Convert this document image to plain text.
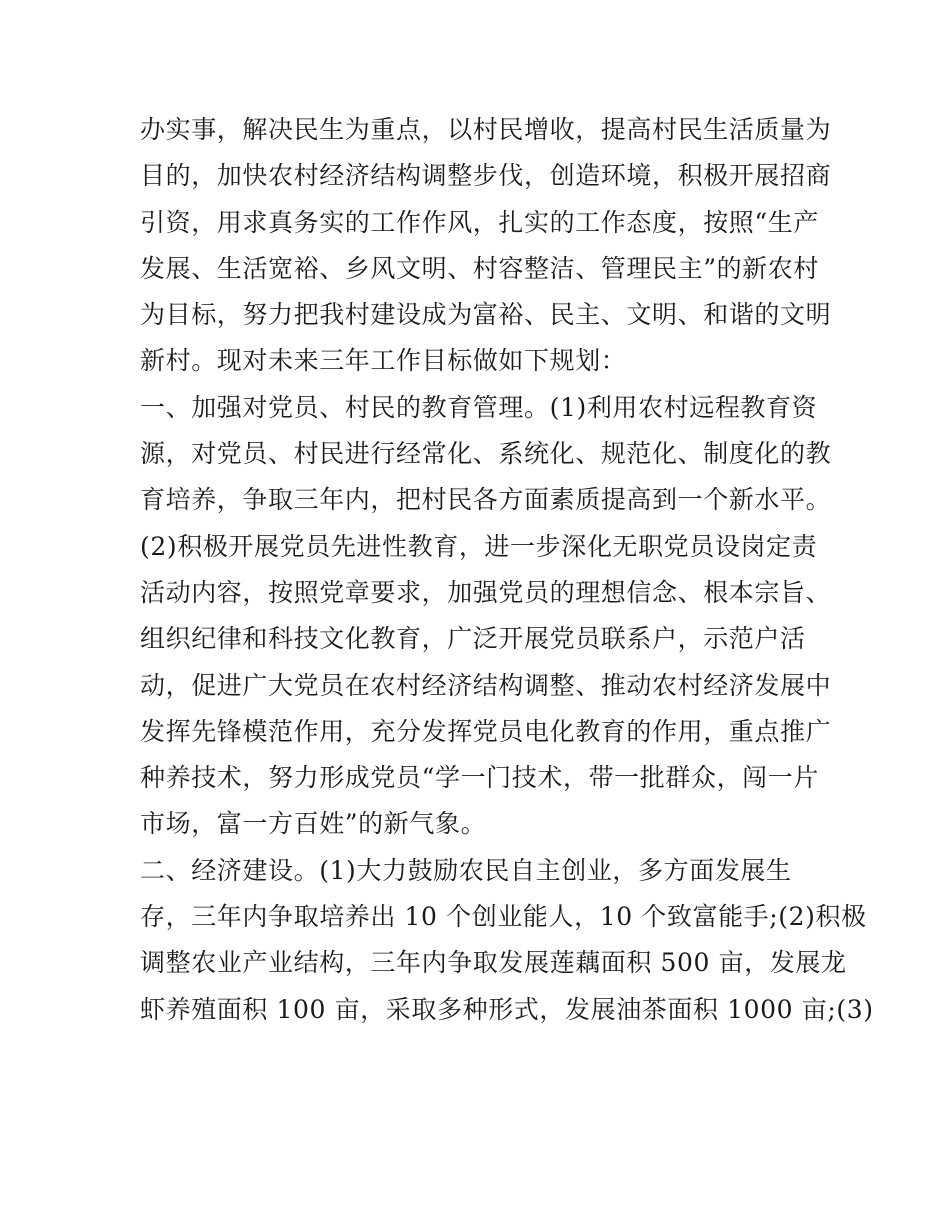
办实事，解决民生为重点，以村民增收，提高村民生活质量为
目的，加快农村经济结构调整步伐，创造环境，积极开展招商
引资，用求真务实的工作作风，扎实的工作态度，按照“生产
发展、生活宽裕、乡风文明、村容整洁、管理民主”的新农村
为目标，努力把我村建设成为富裕、民主、文明、和谐的文明
新村。现对未来三年工作目标做如下规划：
一、加强对党员、村民的教育管理。(1)利用农村远程教育资
源，对党员、村民进行经常化、系统化、规范化、制度化的教
育培养，争取三年内，把村民各方面素质提高到一个新水平。
(2)积极开展党员先进性教育，进一步深化无职党员设岗定责
活动内容，按照党章要求，加强党员的理想信念、根本宗旨、
组织纪律和科技文化教育，广泛开展党员联系户，示范户活
动，促进广大党员在农村经济结构调整、推动农村经济发展中
发挥先锋模范作用，充分发挥党员电化教育的作用，重点推广
种养技术，努力形成党员“学一门技术，带一批群众，闯一片
市场，富一方百姓”的新气象。
二、经济建设。(1)大力鼓励农民自主创业，多方面发展生
存，三年内争取培养出 10 个创业能人，10 个致富能手;(2)积极
调整农业产业结构，三年内争取发展莲藕面积 500 亩，发展龙
虾养殖面积 100 亩，采取多种形式，发展油茶面积 1000 亩;(3)
